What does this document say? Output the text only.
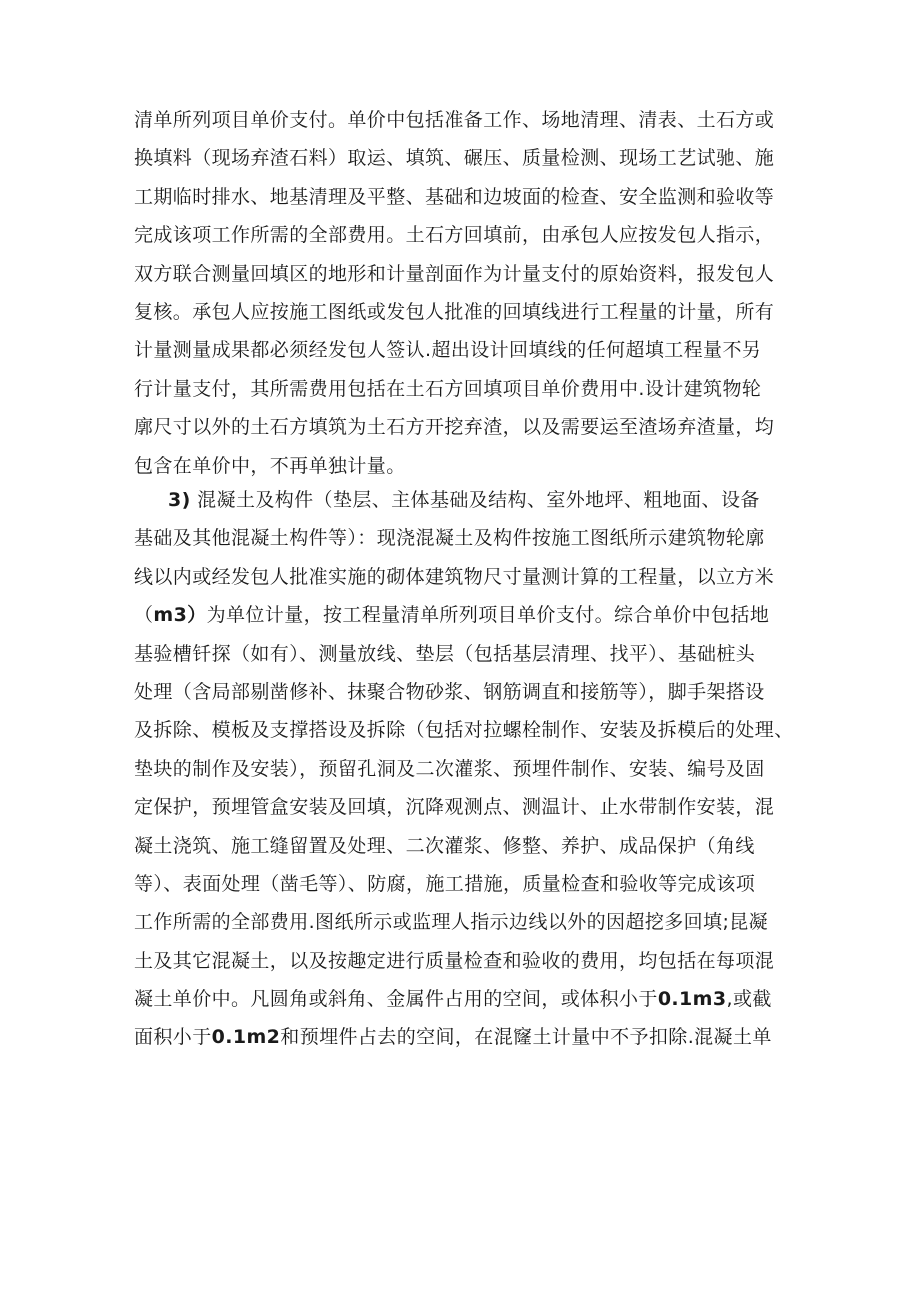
清单所列项目单价支付。单价中包括准备工作、场地清理、清表、土石方或
换填料（现场弃渣石料）取运、填筑、碾压、质量检测、现场工艺试驰、施
工期临时排水、地基清理及平整、基础和边坡面的检查、安全监测和验收等
完成该项工作所需的全部费用。土石方回填前，由承包人应按发包人指示，
双方联合测量回填区的地形和计量剖面作为计量支付的原始资料，报发包人
复核。承包人应按施工图纸或发包人批准的回填线进行工程量的计量，所有
计量测量成果都必须经发包人签认.超出设计回填线的任何超填工程量不另
行计量支付，其所需费用包括在土石方回填项目单价费用中.设计建筑物轮
廓尺寸以外的土石方填筑为土石方开挖弃渣，以及需要运至渣场弃渣量，均
包含在单价中，不再单独计量。
3) 混凝土及构件（垫层、主体基础及结构、室外地坪、粗地面、设备
基础及其他混凝土构件等）：现浇混凝土及构件按施工图纸所示建筑物轮廓
线以内或经发包人批准实施的砌体建筑物尺寸量测计算的工程量，以立方米
（m3）为单位计量，按工程量清单所列项目单价支付。综合单价中包括地
基验槽钎探（如有）、测量放线、垫层（包括基层清理、找平）、基础桩头
处理（含局部剔凿修补、抹聚合物砂浆、钢筋调直和接筋等），脚手架搭设
及拆除、模板及支撑搭设及拆除（包括对拉螺栓制作、安装及拆模后的处理、
垫块的制作及安装），预留孔洞及二次灌浆、预埋件制作、安装、编号及固
定保护，预埋管盒安装及回填，沉降观测点、测温计、止水带制作安装，混
凝土浇筑、施工缝留置及处理、二次灌浆、修整、养护、成品保护（角线
等）、表面处理（凿毛等）、防腐，施工措施，质量检查和验收等完成该项
工作所需的全部费用.图纸所示或监理人指示边线以外的因超挖多回填;昆凝
土及其它混凝土，以及按趣定进行质量检查和验收的费用，均包括在每项混
凝土单价中。凡圆角或斜角、金属件占用的空间，或体积小于0.1m3,或截
面积小于0.1m2和预埋件占去的空间，在混窿土计量中不予扣除.混凝土单
